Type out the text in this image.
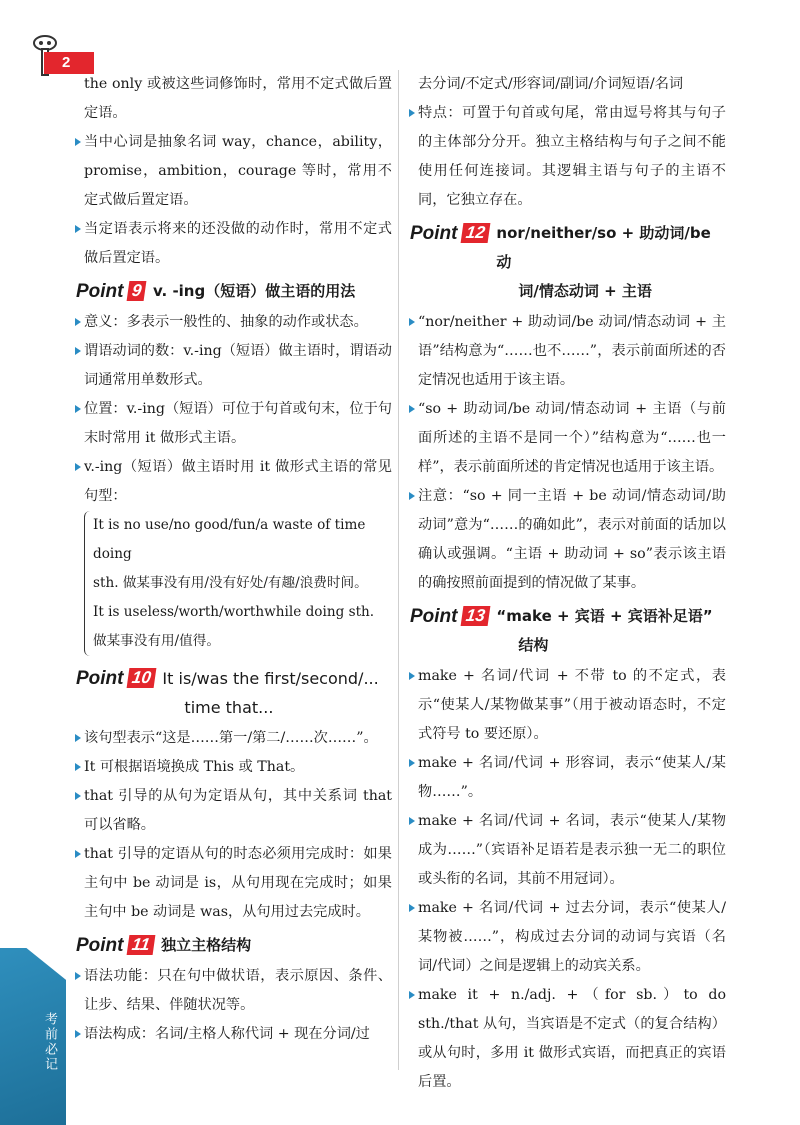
2
考前必记

the only 或被这些词修饰时，常用不定式做后置定语。

当中心词是抽象名词 way，chance，ability，promise，ambition，courage 等时，常用不定式做后置定语。

当定语表示将来的还没做的动作时，常用不定式做后置定语。

Point 9 v. -ing（短语）做主语的用法

意义：多表示一般性的、抽象的动作或状态。

谓语动词的数：v.-ing（短语）做主语时，谓语动词通常用单数形式。

位置：v.-ing（短语）可位于句首或句末，位于句末时常用 it 做形式主语。

v.-ing（短语）做主语时用 it 做形式主语的常见句型：

It is no use/no good/fun/a waste of time doing

sth. 做某事没有用/没有好处/有趣/浪费时间。

It is useless/worth/worthwhile doing sth.

做某事没有用/值得。

Point 10 It is/was the first/second/...
time that...

该句型表示“这是……第一/第二/……次……”。

It 可根据语境换成 This 或 That。

that 引导的从句为定语从句，其中关系词 that 可以省略。

that 引导的定语从句的时态必须用完成时：如果主句中 be 动词是 is，从句用现在完成时；如果主句中 be 动词是 was，从句用过去完成时。

Point 11 独立主格结构

语法功能：只在句中做状语，表示原因、条件、让步、结果、伴随状况等。

语法构成：名词/主格人称代词 + 现在分词/过

去分词/不定式/形容词/副词/介词短语/名词

特点：可置于句首或句尾，常由逗号将其与句子的主体部分分开。独立主格结构与句子之间不能使用任何连接词。其逻辑主语与句子的主语不同，它独立存在。

Point 12 nor/neither/so + 助动词/be 动
词/情态动词 + 主语

“nor/neither + 助动词/be 动词/情态动词 + 主语”结构意为“……也不……”，表示前面所述的否定情况也适用于该主语。

“so + 助动词/be 动词/情态动词 + 主语（与前面所述的主语不是同一个）”结构意为“……也一样”，表示前面所述的肯定情况也适用于该主语。

注意：“so + 同一主语 + be 动词/情态动词/助动词”意为“……的确如此”，表示对前面的话加以确认或强调。“主语 + 助动词 + so”表示该主语的确按照前面提到的情况做了某事。

Point 13 “make + 宾语 + 宾语补足语”
结构

make + 名词/代词 + 不带 to 的不定式，表示“使某人/某物做某事”（用于被动语态时，不定式符号 to 要还原）。

make + 名词/代词 + 形容词，表示“使某人/某物……”。

make + 名词/代词 + 名词，表示“使某人/某物成为……”（宾语补足语若是表示独一无二的职位或头衔的名词，其前不用冠词）。

make + 名词/代词 + 过去分词，表示“使某人/某物被……”，构成过去分词的动词与宾语（名词/代词）之间是逻辑上的动宾关系。

make it + n./adj. +（for sb.）to do sth./that 从句，当宾语是不定式（的复合结构）或从句时，多用 it 做形式宾语，而把真正的宾语后置。
